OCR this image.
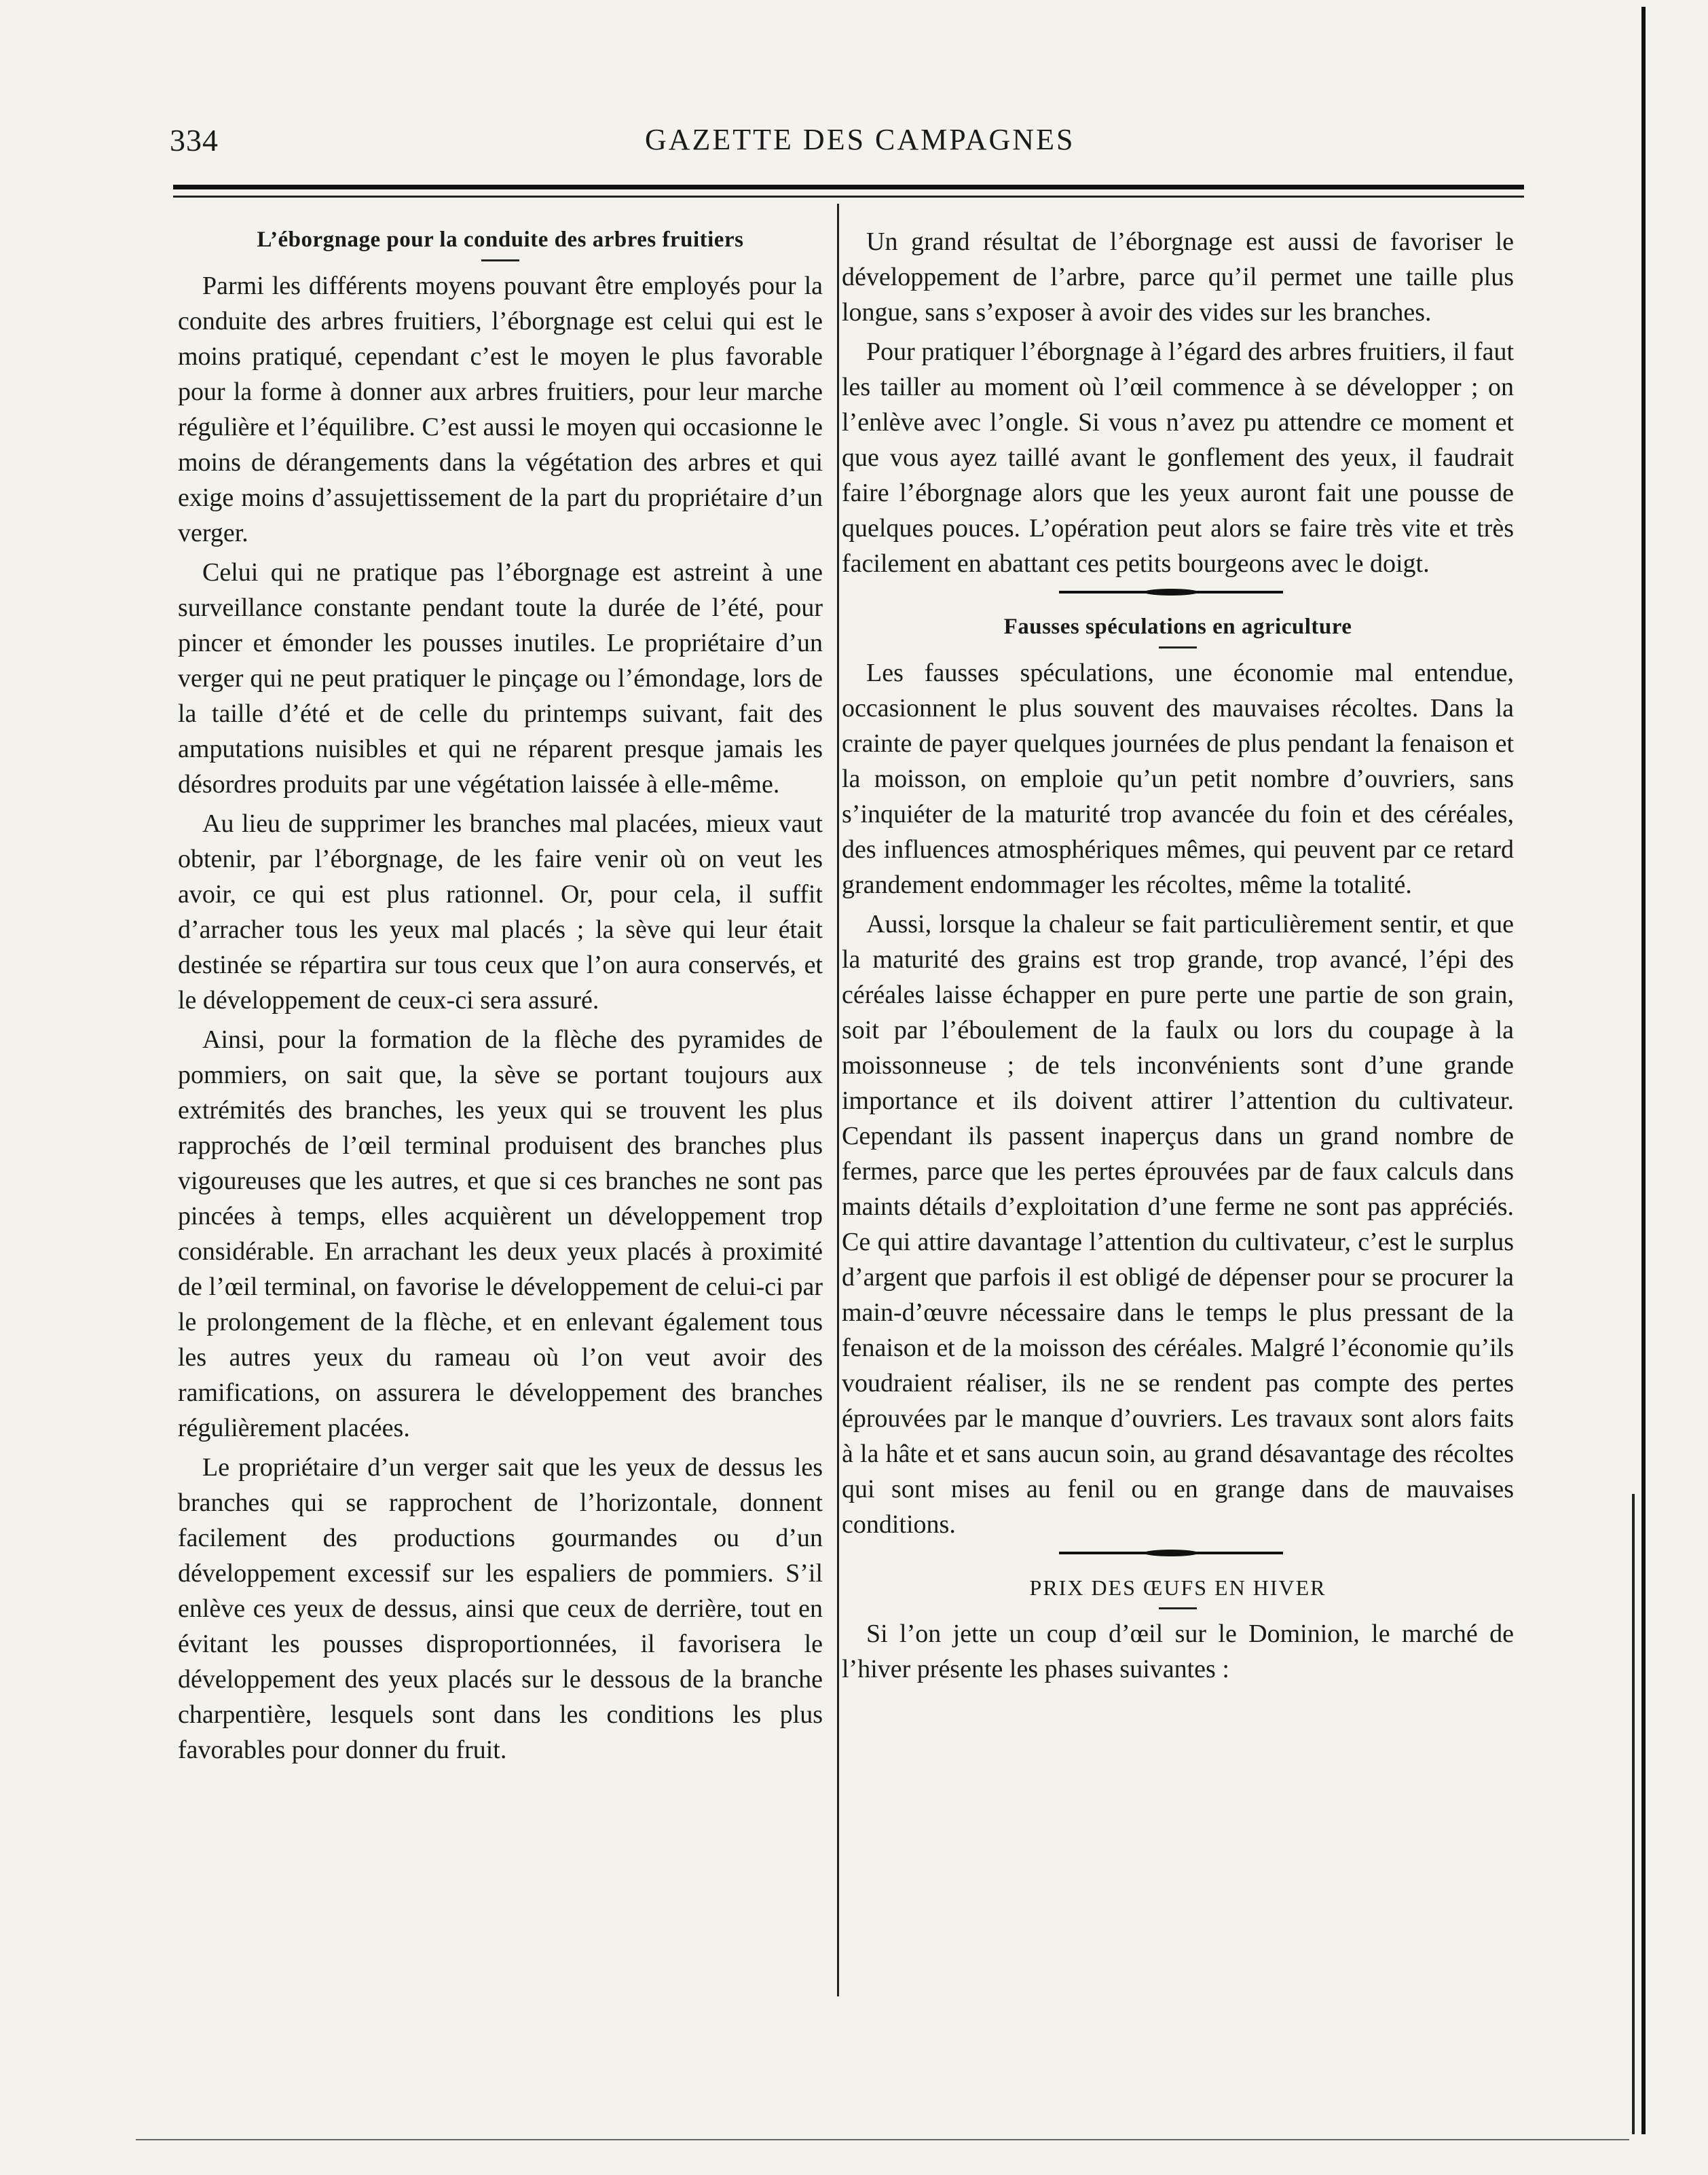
334	GAZETTE DES CAMPAGNES
L’éborgnage pour la conduite des arbres fruitiers

Parmi les différents moyens pouvant être employés pour la conduite des arbres fruitiers, l’éborgnage est celui qui est le moins pratiqué, cependant c’est le moyen le plus favorable pour la forme à donner aux arbres fruitiers, pour leur marche régulière et l’équilibre. C’est aussi le moyen qui occasionne le moins de dérangements dans la végétation des arbres et qui exige moins d’assujettissement de la part du propriétaire d’un verger.

Celui qui ne pratique pas l’éborgnage est astreint à une surveillance constante pendant toute la durée de l’été, pour pincer et émonder les pousses inutiles. Le propriétaire d’un verger qui ne peut pratiquer le pinçage ou l’émondage, lors de la taille d’été et de celle du printemps suivant, fait des amputations nuisibles et qui ne réparent presque jamais les désordres produits par une végétation laissée à elle-même.

Au lieu de supprimer les branches mal placées, mieux vaut obtenir, par l’éborgnage, de les faire venir où on veut les avoir, ce qui est plus rationnel. Or, pour cela, il suffit d’arracher tous les yeux mal placés ; la sève qui leur était destinée se répartira sur tous ceux que l’on aura conservés, et le développement de ceux-ci sera assuré.

Ainsi, pour la formation de la flèche des pyramides de pommiers, on sait que, la sève se portant toujours aux extrémités des branches, les yeux qui se trouvent les plus rapprochés de l’œil terminal produisent des branches plus vigoureuses que les autres, et que si ces branches ne sont pas pincées à temps, elles acquièrent un développement trop considérable. En arrachant les deux yeux placés à proximité de l’œil terminal, on favorise le développement de celui-ci par le prolongement de la flèche, et en enlevant également tous les autres yeux du rameau où l’on veut avoir des ramifications, on assurera le développement des branches régulièrement placées.

Le propriétaire d’un verger sait que les yeux de dessus les branches qui se rapprochent de l’horizontale, donnent facilement des productions gourmandes ou d’un développement excessif sur les espaliers de pommiers. S’il enlève ces yeux de dessus, ainsi que ceux de derrière, tout en évitant les pousses disproportionnées, il favorisera le développement des yeux placés sur le dessous de la branche charpentière, lesquels sont dans les conditions les plus favorables pour donner du fruit.

Un grand résultat de l’éborgnage est aussi de favoriser le développement de l’arbre, parce qu’il permet une taille plus longue, sans s’exposer à avoir des vides sur les branches.

Pour pratiquer l’éborgnage à l’égard des arbres fruitiers, il faut les tailler au moment où l’œil commence à se développer ; on l’enlève avec l’ongle. Si vous n’avez pu attendre ce moment et que vous ayez taillé avant le gonflement des yeux, il faudrait faire l’éborgnage alors que les yeux auront fait une pousse de quelques pouces. L’opération peut alors se faire très vite et très facilement en abattant ces petits bourgeons avec le doigt.

Fausses spéculations en agriculture

Les fausses spéculations, une économie mal entendue, occasionnent le plus souvent des mauvaises récoltes. Dans la crainte de payer quelques journées de plus pendant la fenaison et la moisson, on emploie qu’un petit nombre d’ouvriers, sans s’inquiéter de la maturité trop avancée du foin et des céréales, des influences atmosphériques mêmes, qui peuvent par ce retard grandement endommager les récoltes, même la totalité.

Aussi, lorsque la chaleur se fait particulièrement sentir, et que la maturité des grains est trop grande, trop avancé, l’épi des céréales laisse échapper en pure perte une partie de son grain, soit par l’éboulement de la faulx ou lors du coupage à la moissonneuse ; de tels inconvénients sont d’une grande importance et ils doivent attirer l’attention du cultivateur. Cependant ils passent inaperçus dans un grand nombre de fermes, parce que les pertes éprouvées par de faux calculs dans maints détails d’exploitation d’une ferme ne sont pas appréciés. Ce qui attire davantage l’attention du cultivateur, c’est le surplus d’argent que parfois il est obligé de dépenser pour se procurer la main-d’œuvre nécessaire dans le temps le plus pressant de la fenaison et de la moisson des céréales. Malgré l’économie qu’ils voudraient réaliser, ils ne se rendent pas compte des pertes éprouvées par le manque d’ouvriers. Les travaux sont alors faits à la hâte et et sans aucun soin, au grand désavantage des récoltes qui sont mises au fenil ou en grange dans de mauvaises conditions.

PRIX DES ŒUFS EN HIVER

Si l’on jette un coup d’œil sur le Dominion, le marché de l’hiver présente les phases suivantes :
